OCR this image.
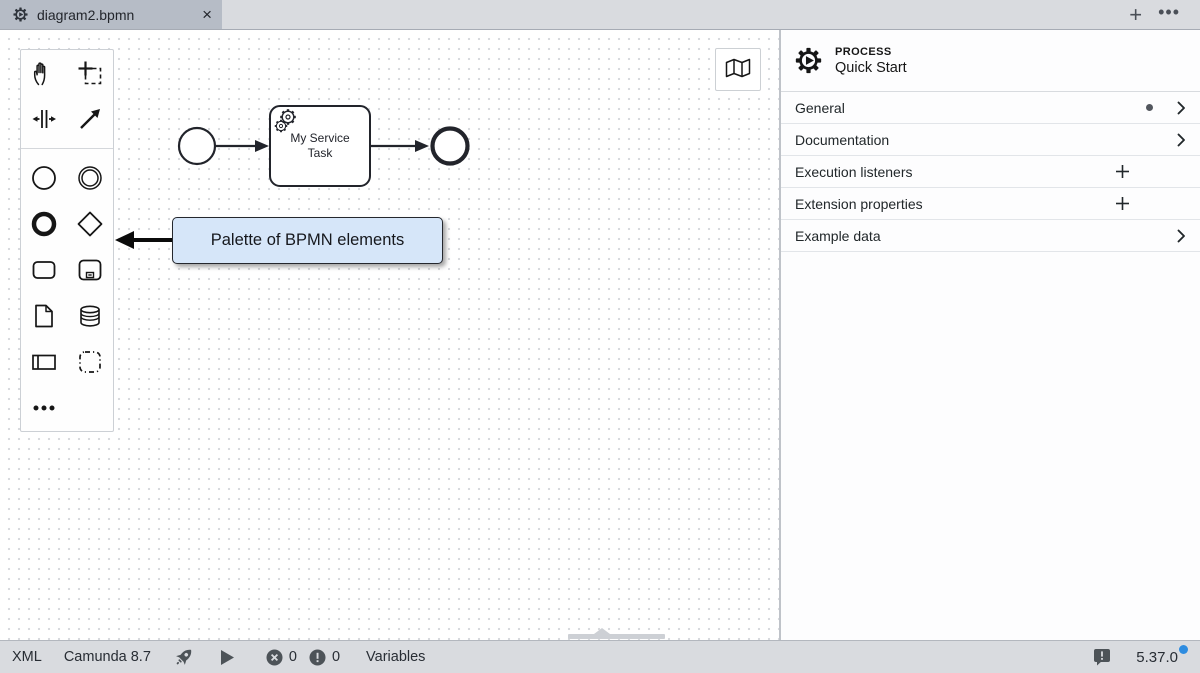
diagram2.bpmn	×	+ •••
My Service
Task
Palette of BPMN elements
PROCESS
Quick Start
General
Documentation
Execution listeners
Extension properties
Example data
XML Camunda 8.7	0 0 Variables	5.37.0
